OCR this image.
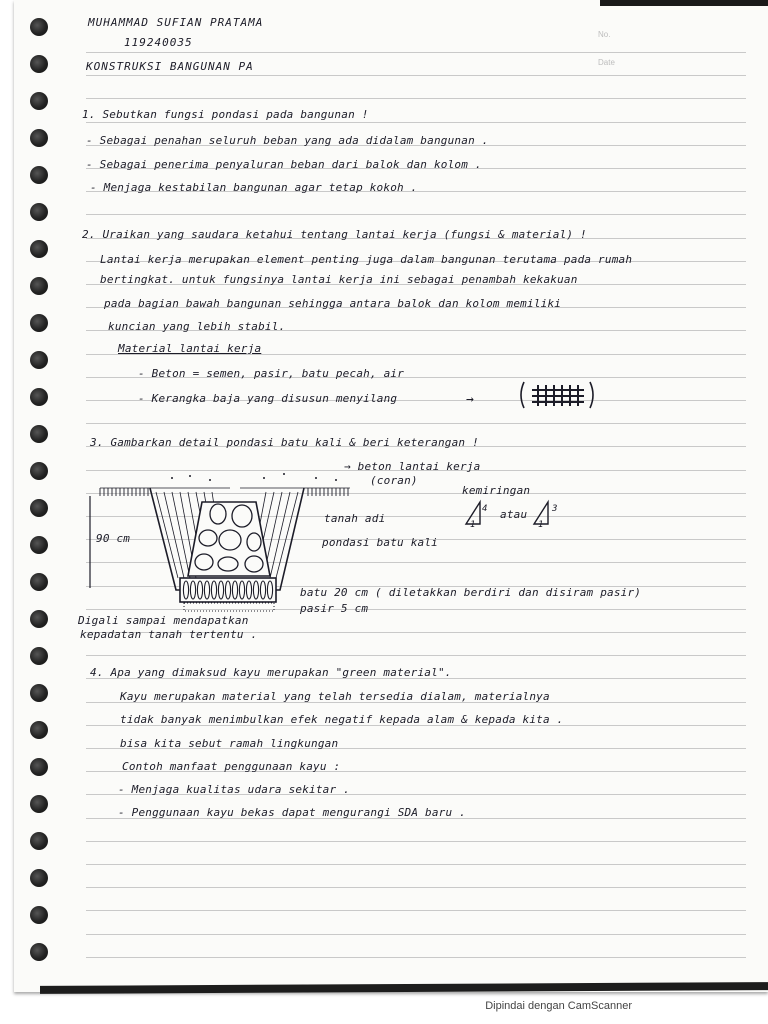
MUHAMMAD SUFIAN PRATAMA
119240035
KONSTRUKSI BANGUNAN PA
No.
Date
1. Sebutkan fungsi pondasi pada bangunan !
- Sebagai penahan seluruh beban yang ada didalam bangunan .
- Sebagai penerima penyaluran beban dari balok dan kolom .
- Menjaga kestabilan bangunan agar tetap kokoh .
2. Uraikan yang saudara ketahui tentang lantai kerja (fungsi & material) !
Lantai kerja merupakan element penting juga dalam bangunan terutama pada rumah
bertingkat. untuk fungsinya lantai kerja ini sebagai penambah kekakuan
pada bagian bawah bangunan sehingga antara balok dan kolom memiliki
kuncian yang lebih stabil.
Material lantai kerja
- Beton = semen, pasir, batu pecah, air
- Kerangka baja yang disusun menyilang	→
3. Gambarkan detail pondasi batu kali & beri keterangan !
90 cm
→ beton lantai kerja
(coran)
tanah adi
pondasi batu kali
batu 20 cm ( diletakkan berdiri dan disiram pasir)
pasir 5 cm
Digali sampai mendapatkan
kepadatan tanah tertentu .
kemiringan
4
1
atau	3
1
4. Apa yang dimaksud kayu merupakan "green material".
Kayu merupakan material yang telah tersedia dialam, materialnya
tidak banyak menimbulkan efek negatif kepada alam & kepada kita .
bisa kita sebut ramah lingkungan
Contoh manfaat penggunaan kayu :
- Menjaga kualitas udara sekitar .
- Penggunaan kayu bekas dapat mengurangi SDA baru .
Dipindai dengan CamScanner
